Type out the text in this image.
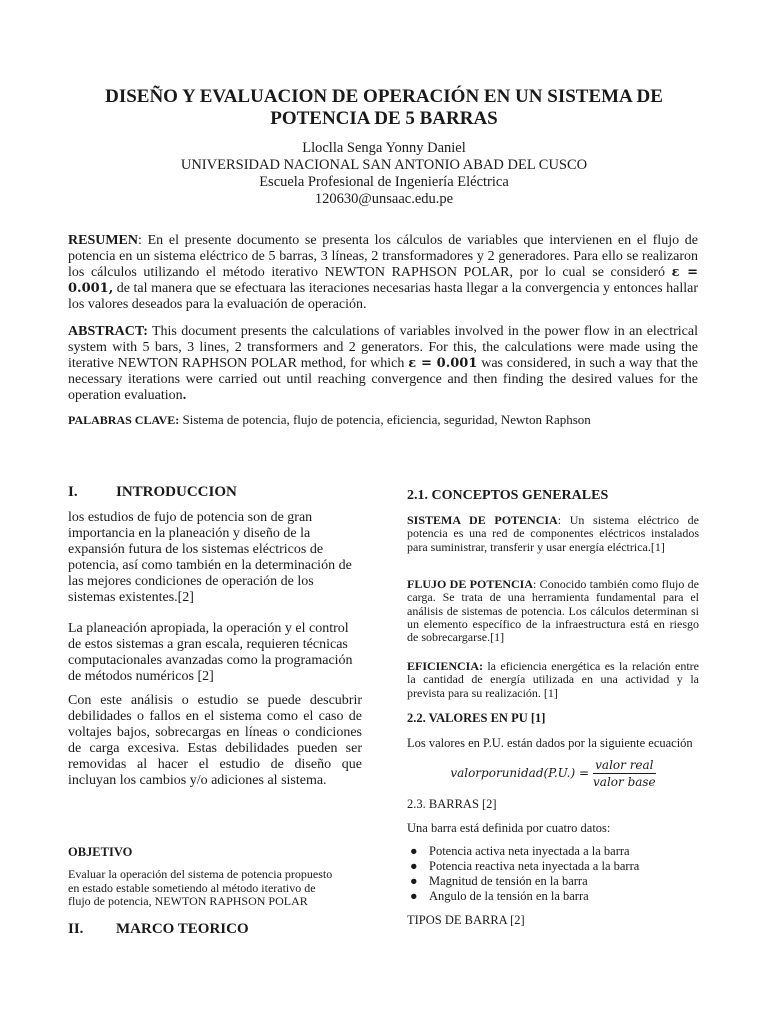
DISEÑO Y EVALUACION DE OPERACIÓN EN UN SISTEMA DE
POTENCIA DE 5 BARRAS
Lloclla Senga Yonny Daniel
UNIVERSIDAD NACIONAL SAN ANTONIO ABAD DEL CUSCO
Escuela Profesional de Ingeniería Eléctrica
120630@unsaac.edu.pe
RESUMEN: En el presente documento se presenta los cálculos de variables que intervienen en el flujo de potencia en un sistema eléctrico de 5 barras, 3 líneas, 2 transformadores y 2 generadores. Para ello se realizaron los cálculos utilizando el método iterativo NEWTON RAPHSON POLAR, por lo cual se consideró ε = 0.001, de tal manera que se efectuara las iteraciones necesarias hasta llegar a la convergencia y entonces hallar los valores deseados para la evaluación de operación.
ABSTRACT: This document presents the calculations of variables involved in the power flow in an electrical system with 5 bars, 3 lines, 2 transformers and 2 generators. For this, the calculations were made using the iterative NEWTON RAPHSON POLAR method, for which ε = 0.001 was considered, in such a way that the necessary iterations were carried out until reaching convergence and then finding the desired values for the operation evaluation.
PALABRAS CLAVE: Sistema de potencia, flujo de potencia, eficiencia, seguridad, Newton Raphson
I.	INTRODUCCION
los estudios de fujo de potencia son de gran importancia en la planeación y diseño de la expansión futura de los sistemas eléctricos de potencia, así como también en la determinación de las mejores condiciones de operación de los sistemas existentes.[2]
La planeación apropiada, la operación y el control de estos sistemas a gran escala, requieren técnicas computacionales avanzadas como la programación de métodos numéricos [2]
Con este análisis o estudio se puede descubrir debilidades o fallos en el sistema como el caso de voltajes bajos, sobrecargas en líneas o condiciones de carga excesiva. Estas debilidades pueden ser removidas al hacer el estudio de diseño que incluyan los cambios y/o adiciones al sistema.
OBJETIVO
Evaluar la operación del sistema de potencia propuesto en estado estable sometiendo al método iterativo de flujo de potencia, NEWTON RAPHSON POLAR
II. MARCO TEORICO
2.1. CONCEPTOS GENERALES
SISTEMA DE POTENCIA: Un sistema eléctrico de potencia es una red de componentes eléctricos instalados para suministrar, transferir y usar energía eléctrica.[1]
FLUJO DE POTENCIA: Conocido también como flujo de carga. Se trata de una herramienta fundamental para el análisis de sistemas de potencia. Los cálculos determinan si un elemento específico de la infraestructura está en riesgo de sobrecargarse.[1]
EFICIENCIA: la eficiencia energética es la relación entre la cantidad de energía utilizada en una actividad y la prevista para su realización. [1]
2.2. VALORES EN PU [1]
Los valores en P.U. están dados por la siguiente ecuación
valorporunidad(P.U.) = $\frac{\text{valor real}}{\text{valor base}}$
2.3. BARRAS [2]
Una barra está definida por cuatro datos:
● Potencia activa neta inyectada a la barra
● Potencia reactiva neta inyectada a la barra
● Magnitud de tensión en la barra
● Angulo de la tensión en la barra
TIPOS DE BARRA [2]
